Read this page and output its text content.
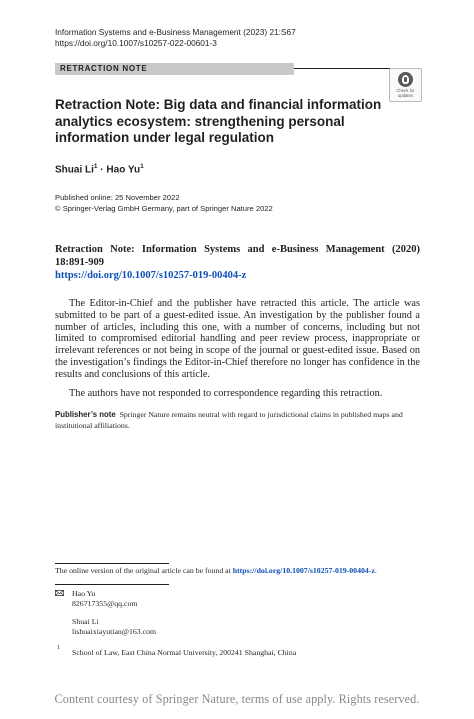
Information Systems and e-Business Management (2023) 21:S67
https://doi.org/10.1007/s10257-022-00601-3
RETRACTION NOTE
Check for
updates
Retraction Note: Big data and financial information analytics ecosystem: strengthening personal information under legal regulation
Shuai $Li^1$ · Hao Yu$^1$
Published online: 25 November 2022
© Springer-Verlag GmbH Germany, part of Springer Nature 2022
Retraction Note: Information Systems and e-Business Management (2020)
18:891-909
https://doi.org/10.1007/s10257-019-00404-z

The Editor-in-Chief and the publisher have retracted this article. The article was submitted to be part of a guest-edited issue. An investigation by the publisher found a number of articles, including this one, with a number of concerns, including but not limited to compromised editorial handling and peer review process, inappropriate or irrelevant references or not being in scope of the journal or guest-edited issue. Based on the investigation’s findings the Editor-in-Chief therefore no longer has confidence in the results and conclusions of this article.

The authors have not responded to correspondence regarding this retraction.

Publisher’s note Springer Nature remains neutral with regard to jurisdictional claims in published maps and institutional affiliations.
The online version of the original article can be found at https://doi.org/10.1007/s10257-019-00404-z.
Hao Yu
826717355@qq.com
Shuai Li
lishuaixiayutian@163.com
1 School of Law, East China Normal University, 200241 Shanghai, China
Content courtesy of Springer Nature, terms of use apply. Rights reserved.
